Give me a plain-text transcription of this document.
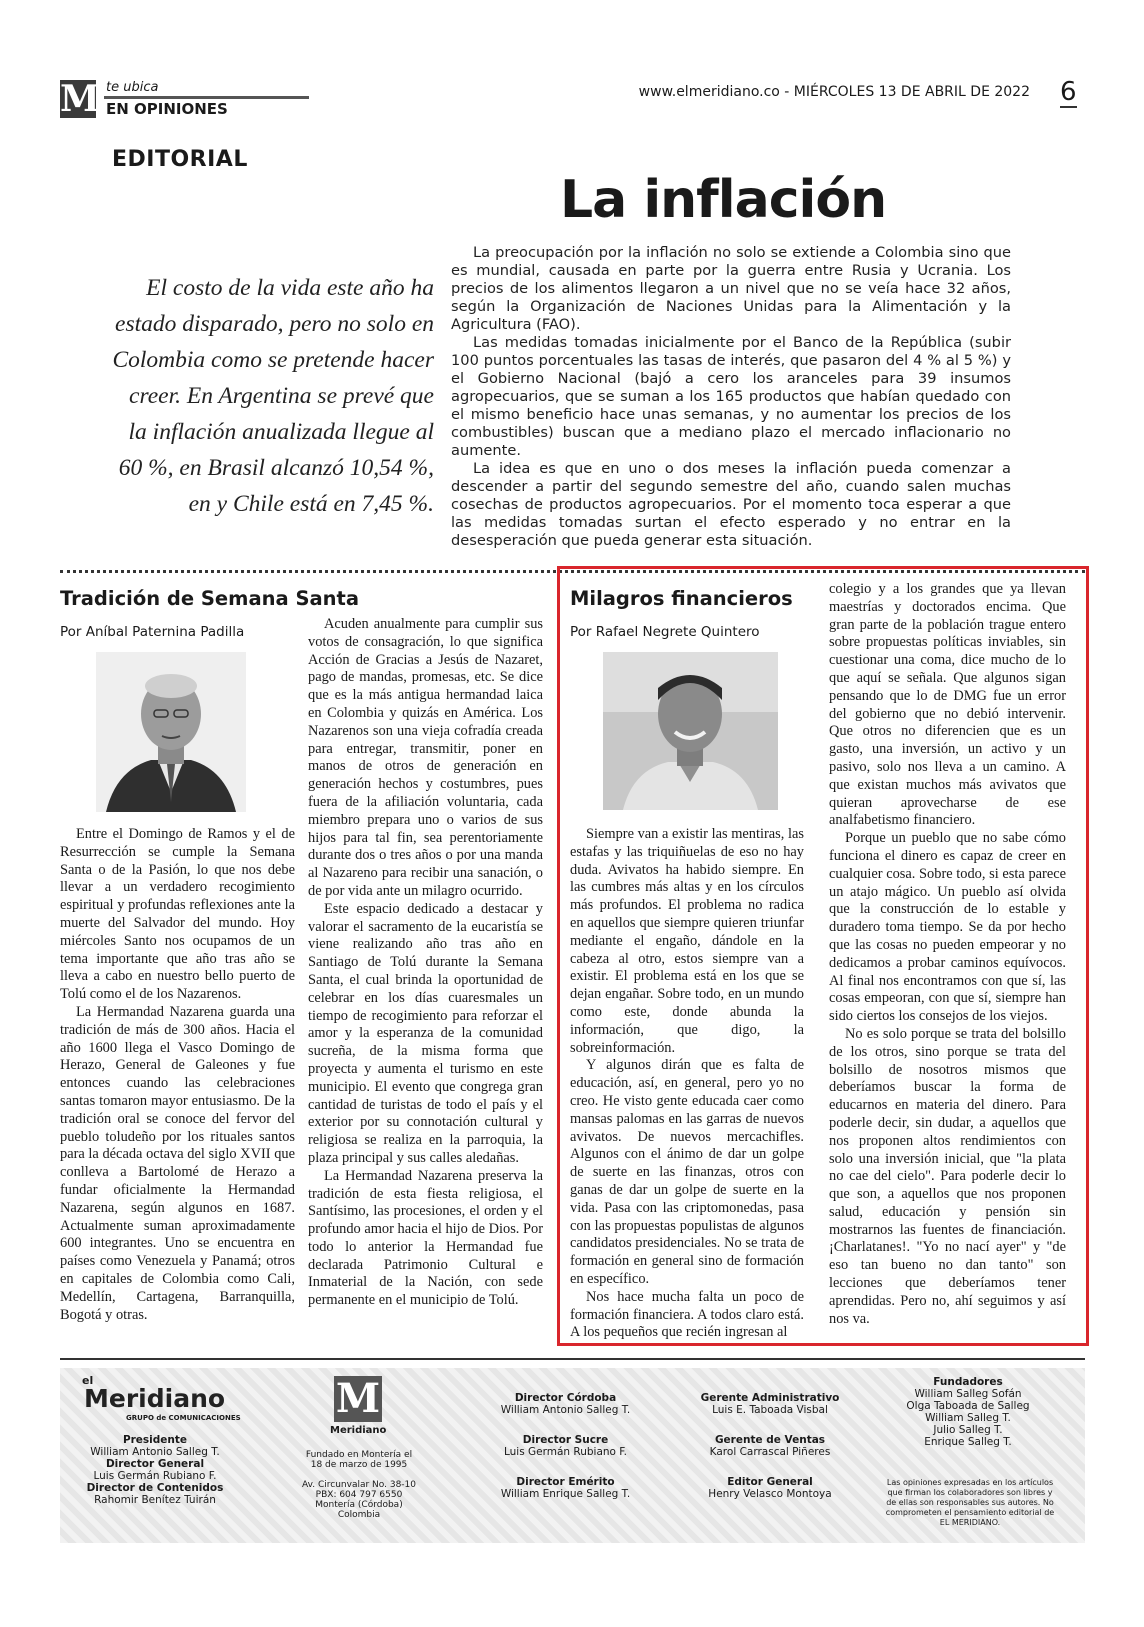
M te ubica
EN OPINIONES
www.elmeridiano.co - MIÉRCOLES 13 DE ABRIL DE 2022 6
EDITORIAL
La inflación
El costo de la vida este año ha estado disparado, pero no solo en Colombia como se pretende hacer creer. En Argentina se prevé que la inflación anualizada llegue al 60 %, en Brasil alcanzó 10,54 %, en y Chile está en 7,45 %.

La preocupación por la inflación no solo se extiende a Colombia sino que es mundial, causada en parte por la guerra entre Rusia y Ucrania. Los precios de los alimentos llegaron a un nivel que no se veía hace 32 años, según la Organización de Naciones Unidas para la Alimentación y la Agricultura (FAO).

Las medidas tomadas inicialmente por el Banco de la República (subir 100 puntos porcentuales las tasas de interés, que pasaron del 4 % al 5 %) y el Gobierno Nacional (bajó a cero los aranceles para 39 insumos agropecuarios, que se suman a los 165 productos que habían quedado con el mismo beneficio hace unas semanas, y no aumentar los precios de los combustibles) buscan que a mediano plazo el mercado inflacionario no aumente.

La idea es que en uno o dos meses la inflación pueda comenzar a descender a partir del segundo semestre del año, cuando salen muchas cosechas de productos agropecuarios. Por el momento toca esperar a que las medidas tomadas surtan el efecto esperado y no entrar en la desesperación que pueda generar esta situación.

Tradición de Semana Santa
Por Aníbal Paternina Padilla

Entre el Domingo de Ramos y el de Resurrección se cumple la Semana Santa o de la Pasión, lo que nos debe llevar a un verdadero recogimiento espiritual y profundas reflexiones ante la muerte del Salvador del mundo. Hoy miércoles Santo nos ocupamos de un tema importante que año tras año se lleva a cabo en nuestro bello puerto de Tolú como el de los Nazarenos.

La Hermandad Nazarena guarda una tradición de más de 300 años. Hacia el año 1600 llega el Vasco Domingo de Herazo, General de Galeones y fue entonces cuando las celebraciones santas tomaron mayor entusiasmo. De la tradición oral se conoce del fervor del pueblo toludeño por los rituales santos para la década octava del siglo XVII que conlleva a Bartolomé de Herazo a fundar oficialmente la Hermandad Nazarena, según algunos en 1687. Actualmente suman aproximadamente 600 integrantes. Uno se encuentra en países como Venezuela y Panamá; otros en capitales de Colombia como Cali, Medellín, Cartagena, Barranquilla, Bogotá y otras.

Acuden anualmente para cumplir sus votos de consagración, lo que significa Acción de Gracias a Jesús de Nazaret, pago de mandas, promesas, etc. Se dice que es la más antigua hermandad laica en Colombia y quizás en América. Los Nazarenos son una vieja cofradía creada para entregar, transmitir, poner en manos de otros de generación en generación hechos y costumbres, pues fuera de la afiliación voluntaria, cada miembro prepara uno o varios de sus hijos para tal fin, sea perentoriamente durante dos o tres años o por una manda al Nazareno para recibir una sanación, o de por vida ante un milagro ocurrido.

Este espacio dedicado a destacar y valorar el sacramento de la eucaristía se viene realizando año tras año en Santiago de Tolú durante la Semana Santa, el cual brinda la oportunidad de celebrar en los días cuaresmales un tiempo de recogimiento para reforzar el amor y la esperanza de la comunidad sucreña, de la misma forma que proyecta y aumenta el turismo en este municipio. El evento que congrega gran cantidad de turistas de todo el país y el exterior por su connotación cultural y religiosa se realiza en la parroquia, la plaza principal y sus calles aledañas.

La Hermandad Nazarena preserva la tradición de esta fiesta religiosa, el Santísimo, las procesiones, el orden y el profundo amor hacia el hijo de Dios. Por todo lo anterior la Hermandad fue declarada Patrimonio Cultural e Inmaterial de la Nación, con sede permanente en el municipio de Tolú.

Milagros financieros
Por Rafael Negrete Quintero

Siempre van a existir las mentiras, las estafas y las triquiñuelas de eso no hay duda. Avivatos ha habido siempre. En las cumbres más altas y en los círculos más profundos. El problema no radica en aquellos que siempre quieren triunfar mediante el engaño, dándole en la cabeza al otro, estos siempre van a existir. El problema está en los que se dejan engañar. Sobre todo, en un mundo como este, donde abunda la información, que digo, la sobreinformación.

Y algunos dirán que es falta de educación, así, en general, pero yo no creo. He visto gente educada caer como mansas palomas en las garras de nuevos avivatos. De nuevos mercachifles. Algunos con el ánimo de dar un golpe de suerte en las finanzas, otros con ganas de dar un golpe de suerte en la vida. Pasa con las criptomonedas, pasa con las propuestas populistas de algunos candidatos presidenciales. No se trata de formación en general sino de formación en específico.

Nos hace mucha falta un poco de formación financiera. A todos claro está. A los pequeños que recién ingresan al

colegio y a los grandes que ya llevan maestrías y doctorados encima. Que gran parte de la población trague entero sobre propuestas políticas inviables, sin cuestionar una coma, dice mucho de lo que aquí se señala. Que algunos sigan pensando que lo de DMG fue un error del gobierno que no debió intervenir. Que otros no diferencien que es un gasto, una inversión, un activo y un pasivo, solo nos lleva a un camino. A que existan muchos más avivatos que quieran aprovecharse de ese analfabetismo financiero.

Porque un pueblo que no sabe cómo funciona el dinero es capaz de creer en cualquier cosa. Sobre todo, si esta parece un atajo mágico. Un pueblo así olvida que la construcción de lo estable y duradero toma tiempo. Se da por hecho que las cosas no pueden empeorar y no dedicamos a probar caminos equívocos. Al final nos encontramos con que sí, las cosas empeoran, con que sí, siempre han sido ciertos los consejos de los viejos.

No es solo porque se trata del bolsillo de los otros, sino porque se trata del bolsillo de nosotros mismos que deberíamos buscar la forma de educarnos en materia del dinero. Para poderle decir, sin dudar, a aquellos que nos proponen altos rendimientos con solo una inversión inicial, que "la plata no cae del cielo". Para poderle decir lo que son, a aquellos que nos proponen salud, educación y pensión sin mostrarnos las fuentes de financiación. ¡Charlatanes!. "Yo no nací ayer" y "de eso tan bueno no dan tanto" son lecciones que deberíamos tener aprendidas. Pero no, ahí seguimos y así nos va.

el
Meridiano
GRUPO de COMUNICACIONES
Presidente
William Antonio Salleg T.
Director General
Luis Germán Rubiano F.
Director de Contenidos
Rahomir Benítez Tuirán
M
Meridiano
Fundado en Montería el 18 de marzo de 1995
Av. Circunvalar No. 38-10 PBX: 604 797 6550 Montería (Córdoba) Colombia
Director Córdoba
William Antonio Salleg T.
Director Sucre
Luis Germán Rubiano F.
Director Emérito
William Enrique Salleg T.
Gerente Administrativo
Luis E. Taboada Visbal
Gerente de Ventas
Karol Carrascal Piñeres
Editor General
Henry Velasco Montoya
Fundadores
William Salleg Sofán
Olga Taboada de Salleg
William Salleg T.
Julio Salleg T.
Enrique Salleg T.
Las opiniones expresadas en los artículos que firman los colaboradores son libres y de ellas son responsables sus autores. No comprometen el pensamiento editorial de EL MERIDIANO.
